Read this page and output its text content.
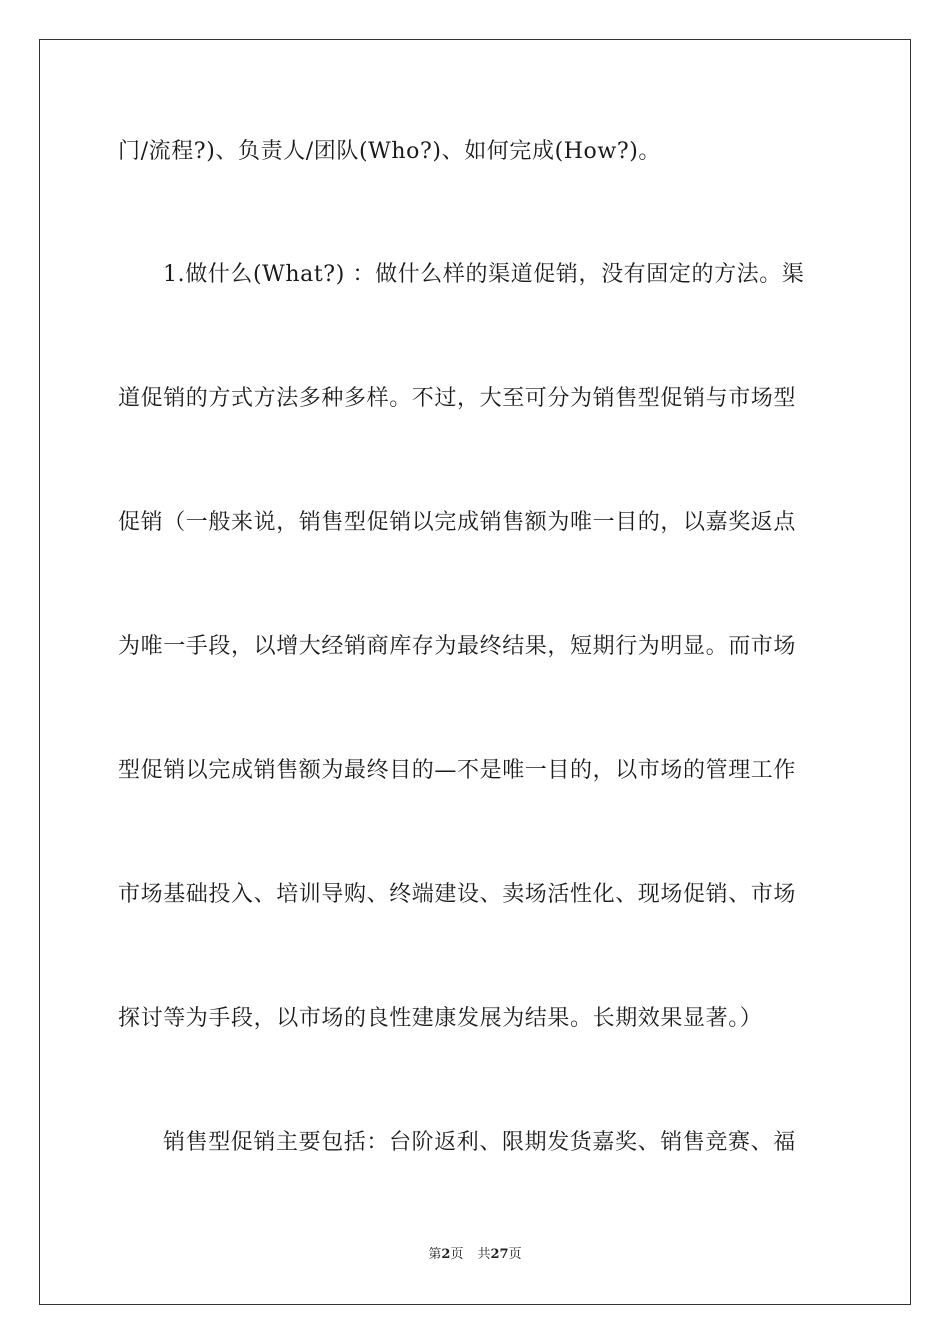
门/流程?)、负责人/团队(Who?)、如何完成(How?)。
1.做什么(What?) ：做什么样的渠道促销，没有固定的方法。渠
道促销的方式方法多种多样。不过，大至可分为销售型促销与市场型
促销（一般来说，销售型促销以完成销售额为唯一目的，以嘉奖返点
为唯一手段，以增大经销商库存为最终结果，短期行为明显。而市场
型促销以完成销售额为最终目的—不是唯一目的，以市场的管理工作
市场基础投入、培训导购、终端建设、卖场活性化、现场促销、市场
探讨等为手段，以市场的良性建康发展为结果。长期效果显著。）
销售型促销主要包括：台阶返利、限期发货嘉奖、销售竞赛、福
第2页 共27页
